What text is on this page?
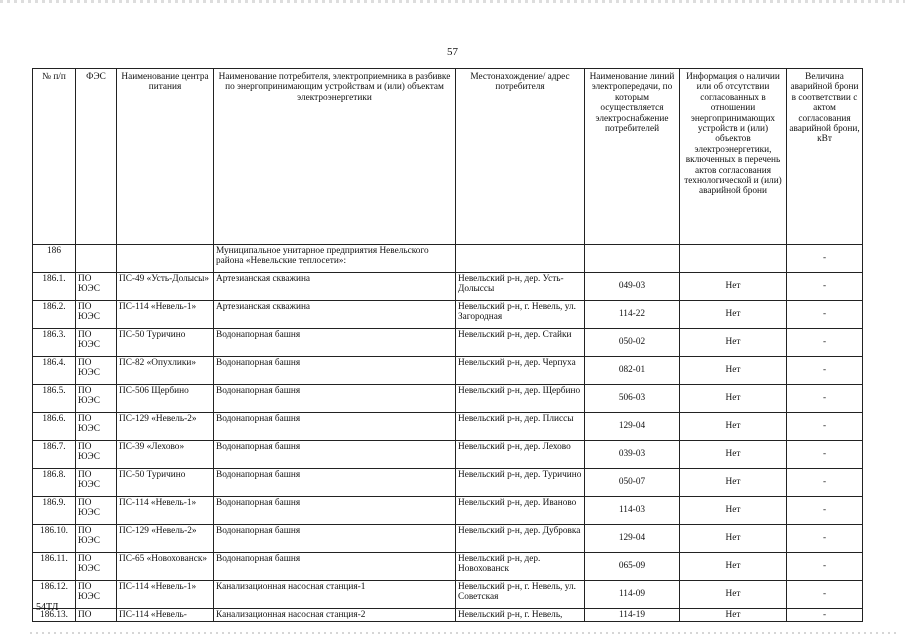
57
№ п/п	ФЭС	Наименование центра питания	Наименование потребителя, электроприемника в разбивке по энергопринимающим устройствам и (или) объектам электроэнергетики	Местонахождение/ адрес потребителя	Наименование линий электропередачи, по которым осуществляется электроснабжение потребителей	Информация о наличии или об отсутствии согласованных в отношении энергопринимающих устройств и (или) объектов электроэнергетики, включенных в перечень актов согласования технологической и (или) аварийной брони	Величина аварийной брони в соответствии с актом согласования аварийной брони, кВт
186			Муниципальное унитарное предприятия Невельского района «Невельские теплосети»:				-
186.1.	ПО ЮЭС	ПС-49 «Усть-Долысы»	Артезианская скважина	Невельский р-н, дер. Усть-Долыссы	049-03	Нет	-
186.2.	ПО ЮЭС	ПС-114 «Невель-1»	Артезианская скважина	Невельский р-н, г. Невель, ул. Загородная	114-22	Нет	-
186.3.	ПО ЮЭС	ПС-50 Туричино	Водонапорная башня	Невельский р-н, дер. Стайки	050-02	Нет	-
186.4.	ПО ЮЭС	ПС-82 «Опухлики»	Водонапорная башня	Невельский р-н, дер. Черпуха	082-01	Нет	-
186.5.	ПО ЮЭС	ПС-506 Щербино	Водонапорная башня	Невельский р-н, дер. Щербино	506-03	Нет	-
186.6.	ПО ЮЭС	ПС-129 «Невель-2»	Водонапорная башня	Невельский р-н, дер. Плиссы	129-04	Нет	-
186.7.	ПО ЮЭС	ПС-39 «Лехово»	Водонапорная башня	Невельский р-н, дер. Лехово	039-03	Нет	-
186.8.	ПО ЮЭС	ПС-50 Туричино	Водонапорная башня	Невельский р-н, дер. Туричино	050-07	Нет	-
186.9.	ПО ЮЭС	ПС-114 «Невель-1»	Водонапорная башня	Невельский р-н, дер. Иваново	114-03	Нет	-
186.10.	ПО ЮЭС	ПС-129 «Невель-2»	Водонапорная башня	Невельский р-н, дер. Дубровка	129-04	Нет	-
186.11.	ПО ЮЭС	ПС-65 «Новохованск»	Водонапорная башня	Невельский р-н, дер. Новохованск	065-09	Нет	-
186.12.	ПО ЮЭС	ПС-114 «Невель-1»	Канализационная насосная станция-1	Невельский р-н, г. Невель, ул. Советская	114-09	Нет	-
186.13.	ПО	ПС-114 «Невель-	Канализационная насосная станция-2	Невельский р-н, г. Невель,	114-19	Нет	-
54ТЛ
